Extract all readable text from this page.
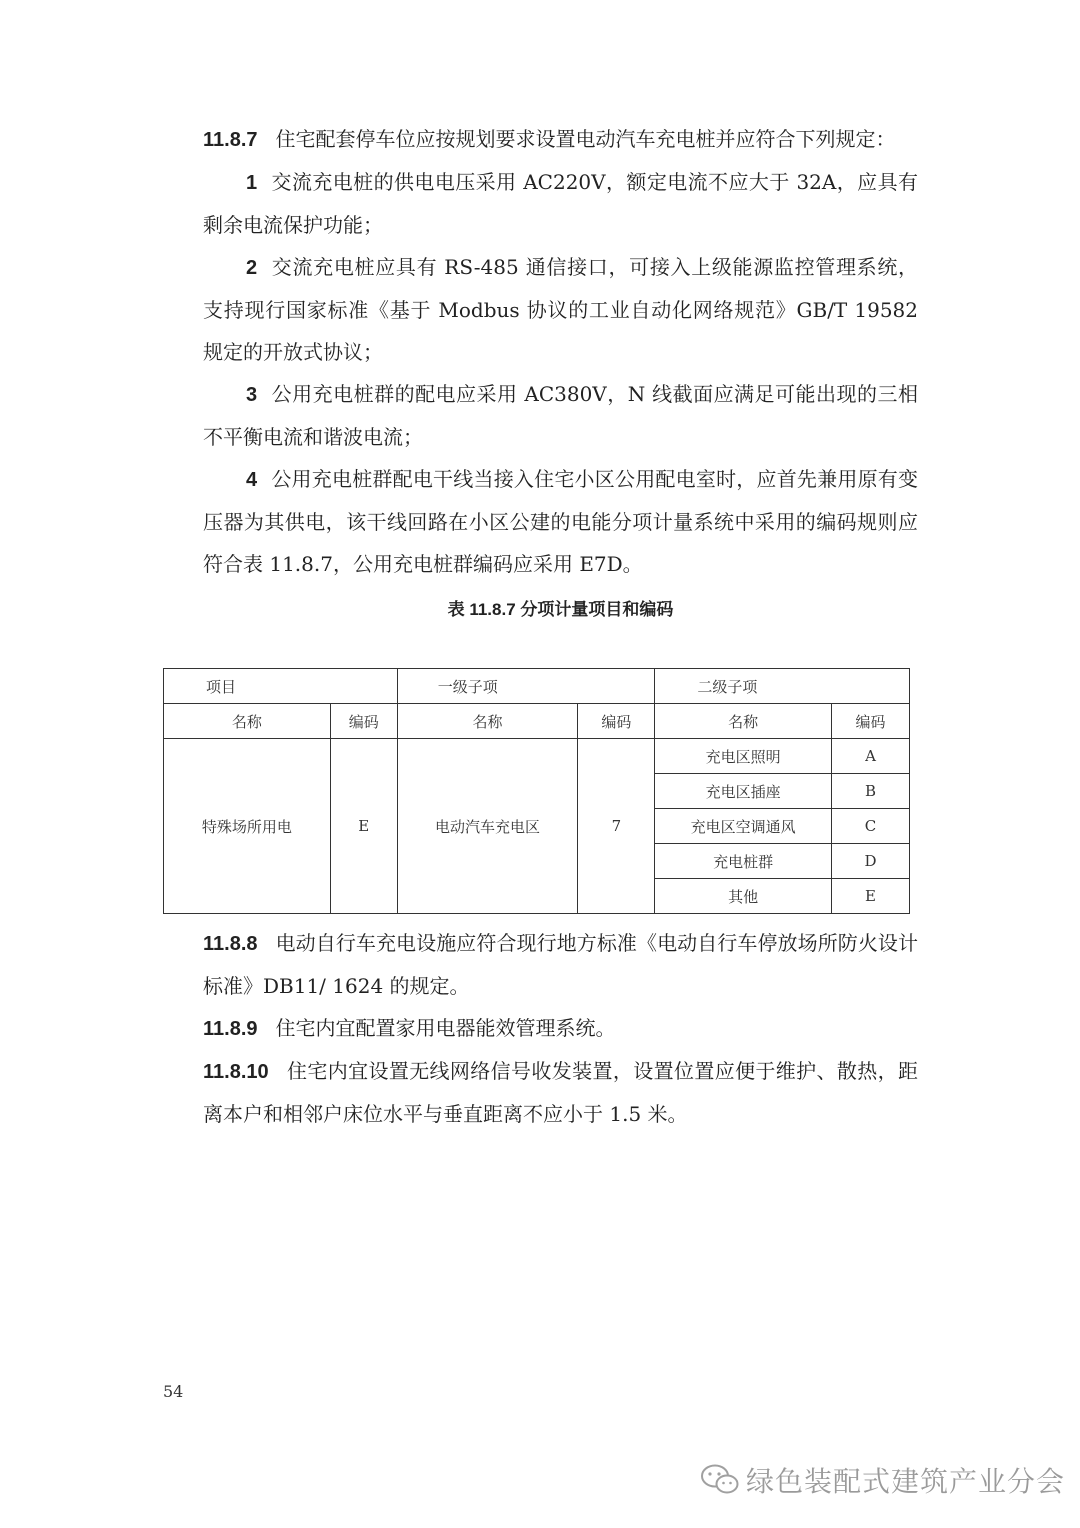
11.8.7 住宅配套停车位应按规划要求设置电动汽车充电桩并应符合下列规定：

1 交流充电桩的供电电压采用 AC220V，额定电流不应大于 32A，应具有剩余电流保护功能；

2 交流充电桩应具有 RS-485 通信接口，可接入上级能源监控管理系统，支持现行国家标准《基于 Modbus 协议的工业自动化网络规范》GB/T 19582 规定的开放式协议；

3 公用充电桩群的配电应采用 AC380V，N 线截面应满足可能出现的三相不平衡电流和谐波电流；

4 公用充电桩群配电干线当接入住宅小区公用配电室时，应首先兼用原有变压器为其供电，该干线回路在小区公建的电能分项计量系统中采用的编码规则应符合表 11.8.7，公用充电桩群编码应采用 E7D。

表 11.8.7 分项计量项目和编码
项目		一级子项		二级子项	
名称	编码	名称	编码	名称	编码
特殊场所用电	E	电动汽车充电区	7	充电区照明	A
				充电区插座	B
				充电区空调通风	C
				充电桩群	D
				其他	E

11.8.8 电动自行车充电设施应符合现行地方标准《电动自行车停放场所防火设计标准》DB11/ 1624 的规定。

11.8.9 住宅内宜配置家用电器能效管理系统。

11.8.10 住宅内宜设置无线网络信号收发装置，设置位置应便于维护、散热，距离本户和相邻户床位水平与垂直距离不应小于 1.5 米。

54
绿色装配式建筑产业分会
